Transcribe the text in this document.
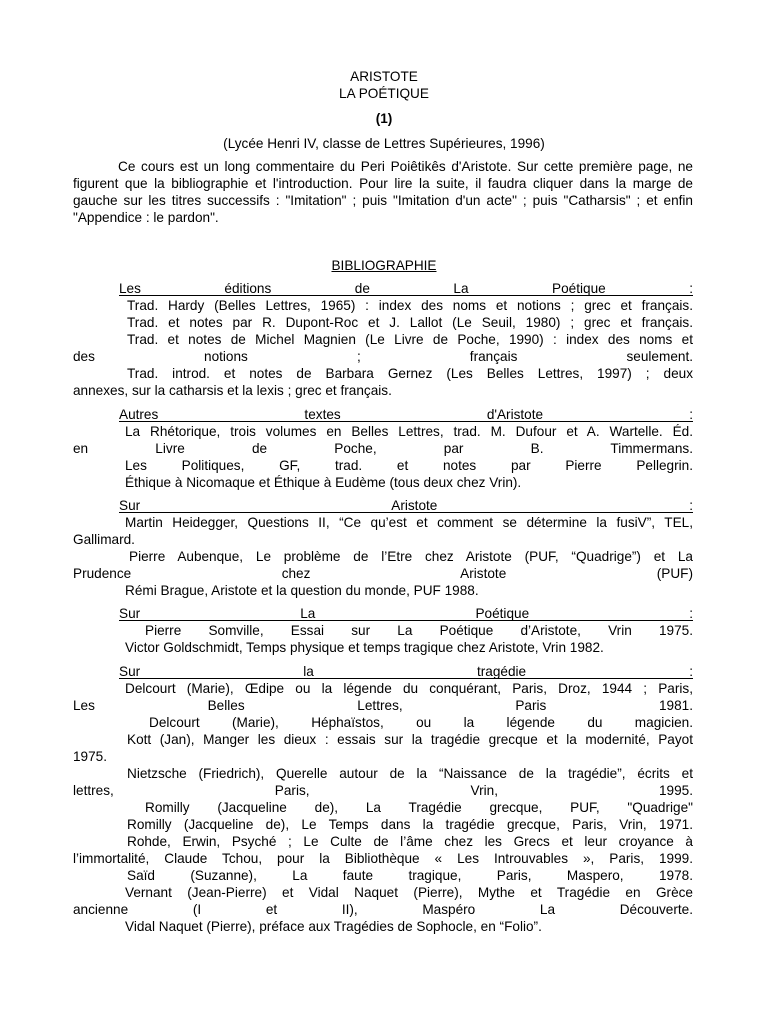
ARISTOTE
LA POÉTIQUE
(1)
(Lycée Henri IV, classe de Lettres Supérieures, 1996)
Ce cours est un long commentaire du Peri Poiêtikês d'Aristote. Sur cette première page, ne figurent que la bibliographie et l'introduction. Pour lire la suite, il faudra cliquer dans la marge de gauche sur les titres successifs : "Imitation" ; puis "Imitation d'un acte" ; puis "Catharsis" ; et enfin "Appendice : le pardon".
BIBLIOGRAPHIE
Les éditions de La Poétique :
Trad. Hardy (Belles Lettres, 1965) : index des noms et notions ; grec et français.
Trad. et notes par R. Dupont-Roc et J. Lallot (Le Seuil, 1980) ; grec et français.
Trad. et notes de Michel Magnien (Le Livre de Poche, 1990) : index des noms et
des notions ; français seulement.
Trad. introd. et notes de Barbara Gernez (Les Belles Lettres, 1997) ; deux
annexes, sur la catharsis et la lexis ; grec et français.
Autres textes d'Aristote :
La Rhétorique, trois volumes en Belles Lettres, trad. M. Dufour et A. Wartelle. Éd.
en Livre de Poche, par B. Timmermans.
Les Politiques, GF, trad. et notes par Pierre Pellegrin.
Éthique à Nicomaque et Éthique à Eudème (tous deux chez Vrin).
Sur Aristote :
Martin Heidegger, Questions II, “Ce qu’est et comment se détermine la fusiV”, TEL,
Gallimard.
Pierre Aubenque, Le problème de l’Etre chez Aristote (PUF, “Quadrige”) et La
Prudence chez Aristote (PUF)
Rémi Brague, Aristote et la question du monde, PUF 1988.
Sur La Poétique :
Pierre Somville, Essai sur La Poétique d’Aristote, Vrin 1975.
Victor Goldschmidt, Temps physique et temps tragique chez Aristote, Vrin 1982.
Sur la tragédie :
Delcourt (Marie), Œdipe ou la légende du conquérant, Paris, Droz, 1944 ; Paris,
Les Belles Lettres, Paris 1981.
Delcourt (Marie), Héphaïstos, ou la légende du magicien.
Kott (Jan), Manger les dieux : essais sur la tragédie grecque et la modernité, Payot
1975.
Nietzsche (Friedrich), Querelle autour de la “Naissance de la tragédie”, écrits et
lettres, Paris, Vrin, 1995.
Romilly (Jacqueline de), La Tragédie grecque, PUF, "Quadrige"
Romilly (Jacqueline de), Le Temps dans la tragédie grecque, Paris, Vrin, 1971.
Rohde, Erwin, Psyché ; Le Culte de l’âme chez les Grecs et leur croyance à
l’immortalité, Claude Tchou, pour la Bibliothèque « Les Introuvables », Paris, 1999.
Saïd (Suzanne), La faute tragique, Paris, Maspero, 1978.
Vernant (Jean-Pierre) et Vidal Naquet (Pierre), Mythe et Tragédie en Grèce
ancienne (I et II), Maspéro La Découverte.
Vidal Naquet (Pierre), préface aux Tragédies de Sophocle, en “Folio”.
